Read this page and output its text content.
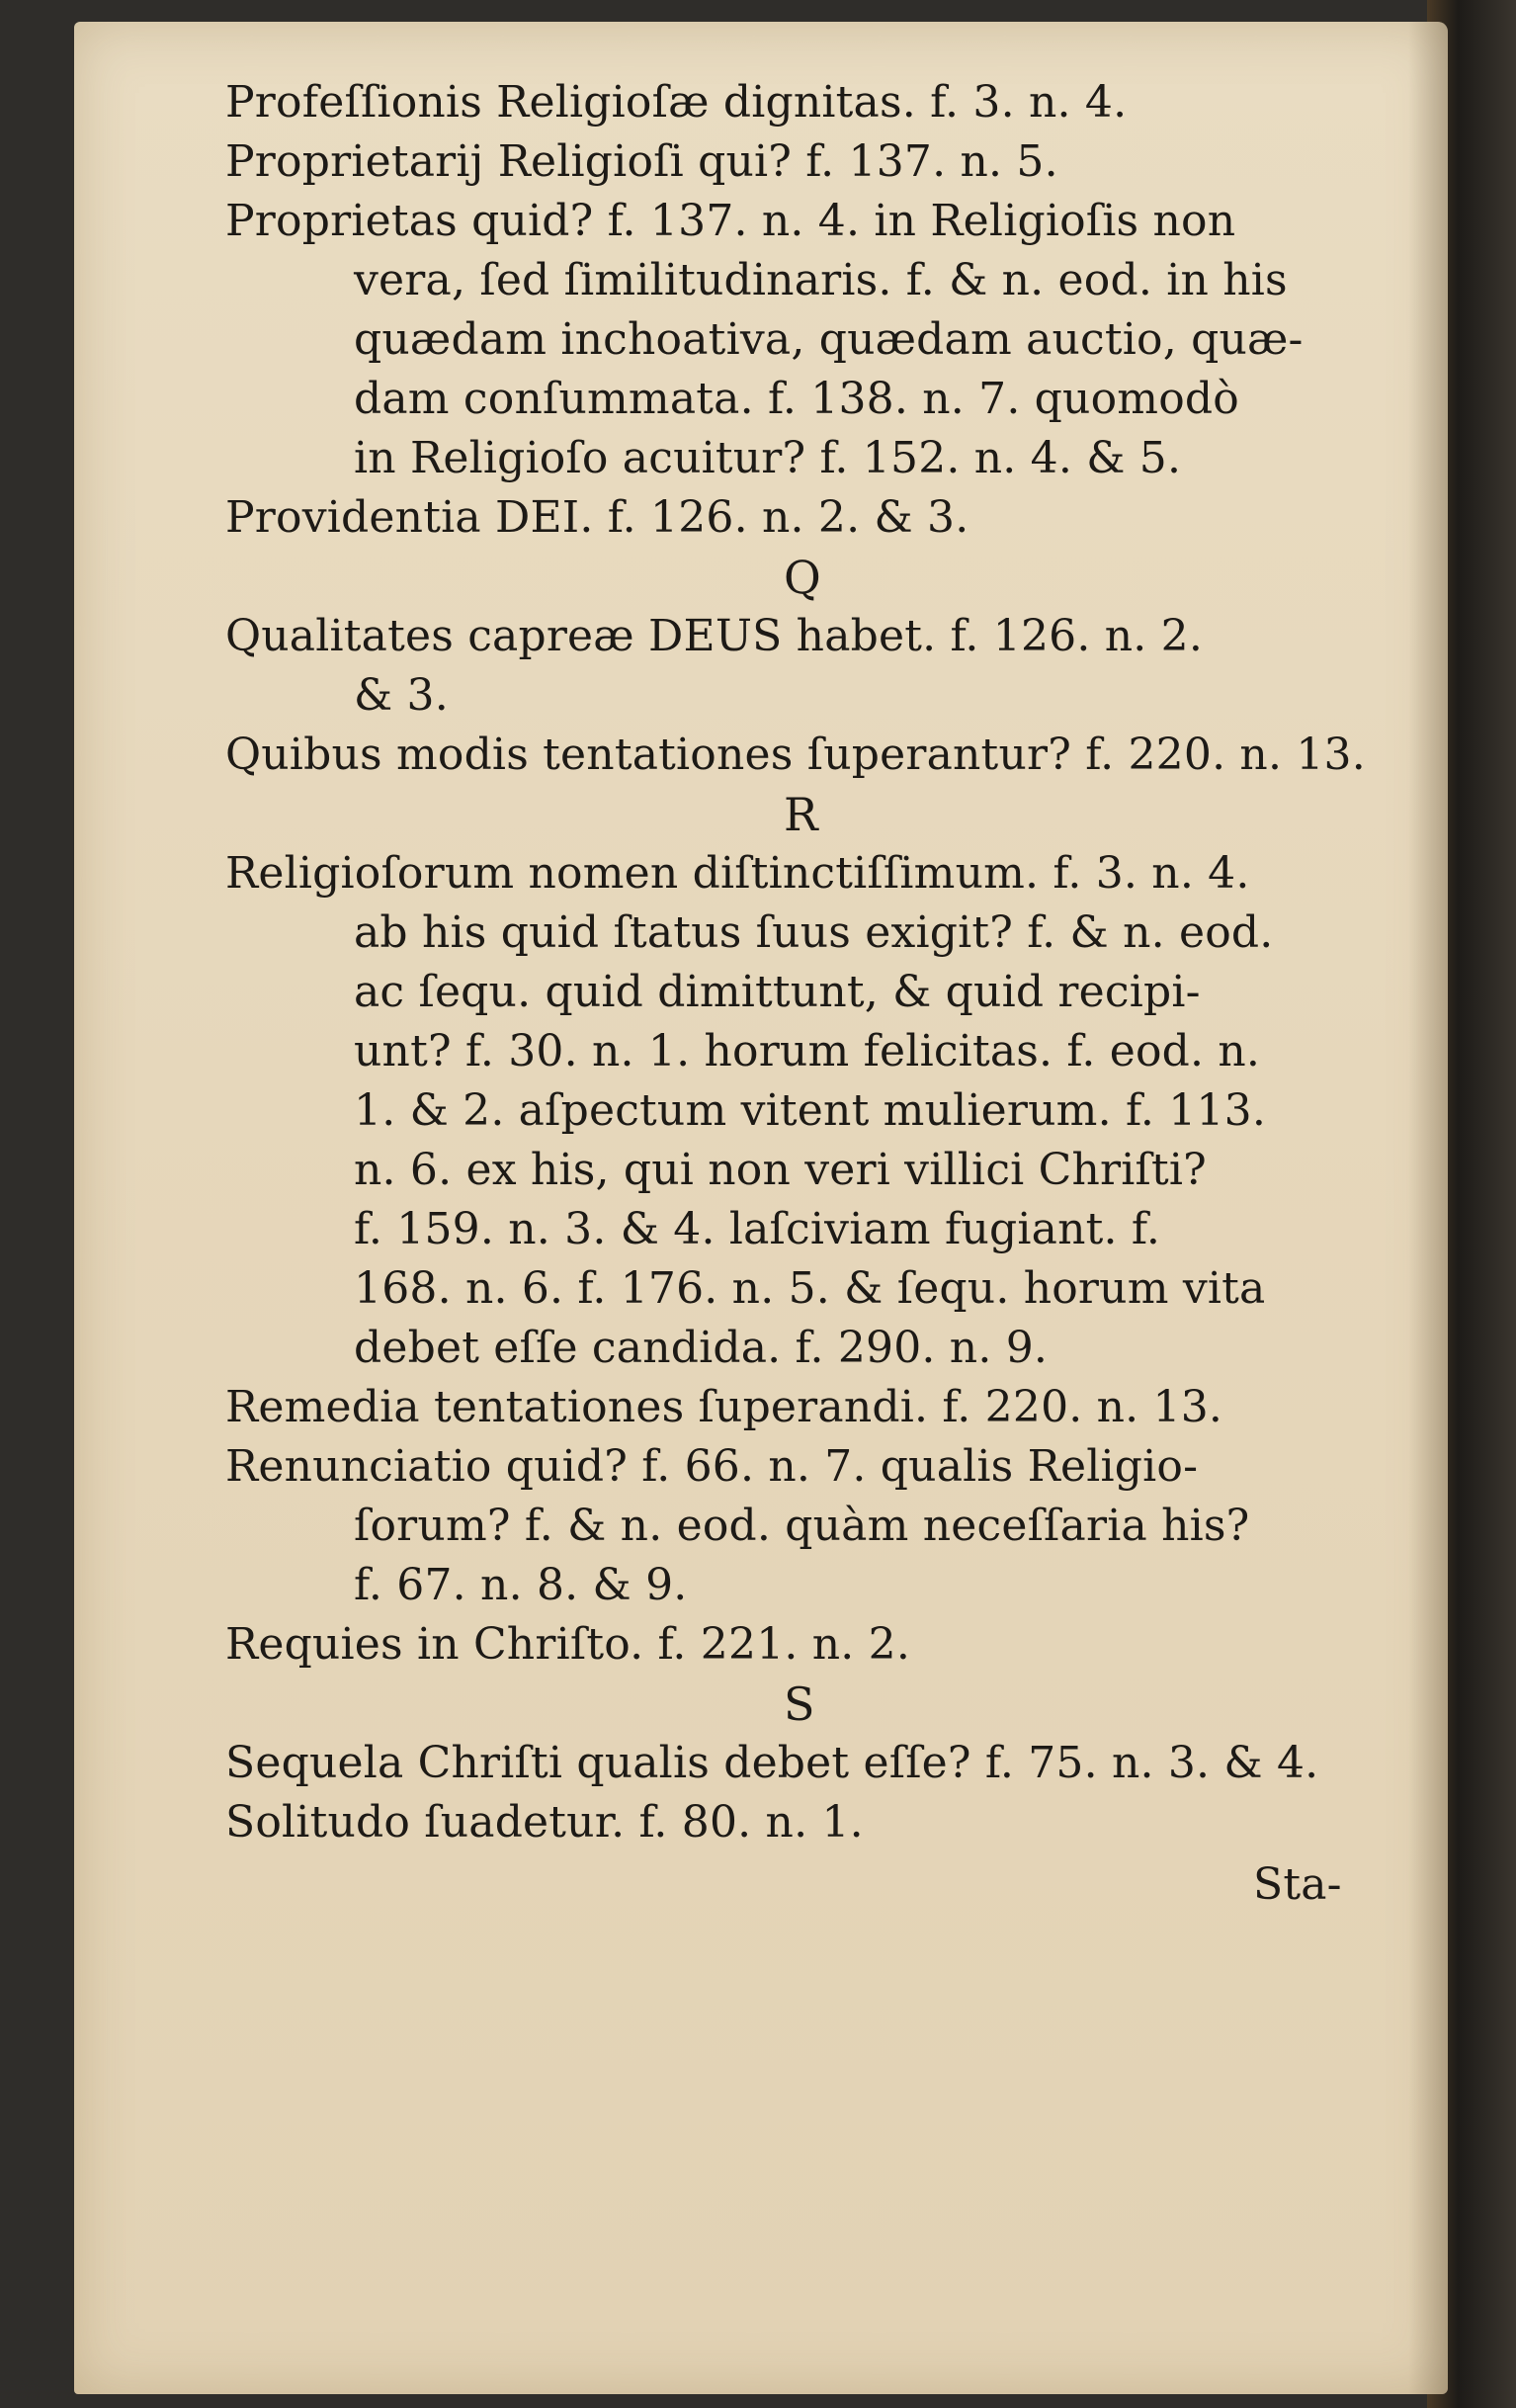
Profeſſionis Religioſæ dignitas. f. 3. n. 4.
Proprietarij Religioſi qui? f. 137. n. 5.
Proprietas quid? f. 137. n. 4. in Religioſis non
vera, ſed ſimilitudinaris. f. & n. eod. in his
quædam inchoativa, quædam auctio, quæ-
dam conſummata. f. 138. n. 7. quomodò
in Religioſo acuitur? f. 152. n. 4. & 5.
Providentia DEI. f. 126. n. 2. & 3.
Q
Qualitates capreæ DEUS habet. f. 126. n. 2.
& 3.
Quibus modis tentationes ſuperantur? f. 220. n. 13.
R
Religioſorum nomen diſtinctiſſimum. f. 3. n. 4.
ab his quid ſtatus ſuus exigit? f. & n. eod.
ac ſequ. quid dimittunt, & quid recipi-
unt? f. 30. n. 1. horum felicitas. f. eod. n.
1. & 2. aſpectum vitent mulierum. f. 113.
n. 6. ex his, qui non veri villici Chriſti?
f. 159. n. 3. & 4. laſciviam fugiant. f.
168. n. 6. f. 176. n. 5. & ſequ. horum vita
debet eſſe candida. f. 290. n. 9.
Remedia tentationes ſuperandi. f. 220. n. 13.
Renunciatio quid? f. 66. n. 7. qualis Religio-
ſorum? f. & n. eod. quàm neceſſaria his?
f. 67. n. 8. & 9.
Requies in Chriſto. f. 221. n. 2.
S
Sequela Chriſti qualis debet eſſe? f. 75. n. 3. & 4.
Solitudo ſuadetur. f. 80. n. 1.
Sta-
